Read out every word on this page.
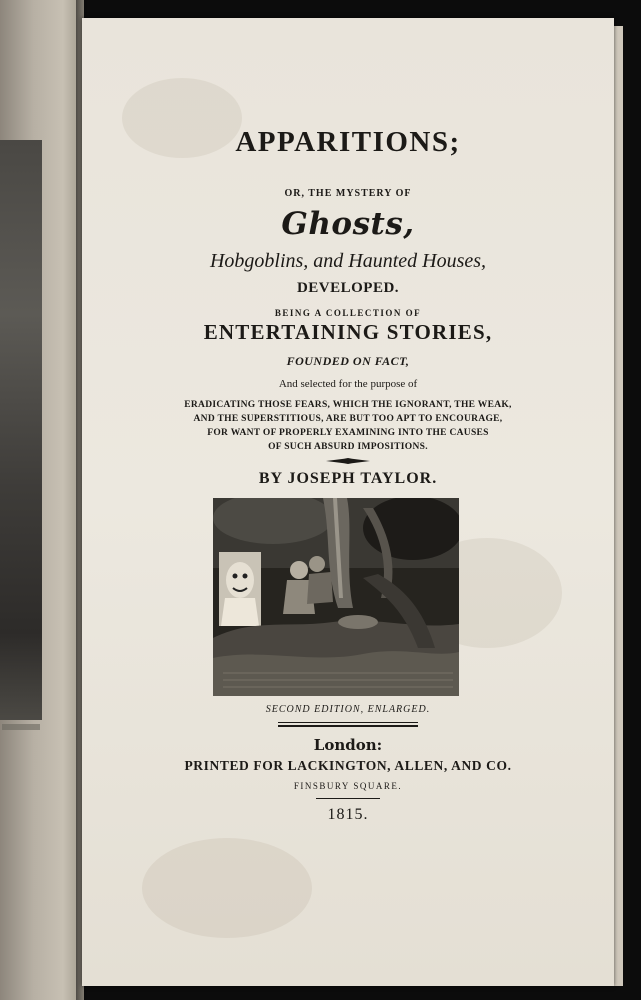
APPARITIONS;
OR, THE MYSTERY OF
Ghosts,
Hobgoblins, and Haunted Houses,
DEVELOPED.
BEING A COLLECTION OF
ENTERTAINING STORIES,
FOUNDED ON FACT,
And selected for the purpose of
ERADICATING THOSE FEARS, WHICH THE IGNORANT, THE WEAK,
AND THE SUPERSTITIOUS, ARE BUT TOO APT TO ENCOURAGE,
FOR WANT OF PROPERLY EXAMINING INTO THE CAUSES
OF SUCH ABSURD IMPOSITIONS.
BY JOSEPH TAYLOR.
SECOND EDITION, ENLARGED.
London:
PRINTED FOR LACKINGTON, ALLEN, AND CO.
FINSBURY SQUARE.
1815.
